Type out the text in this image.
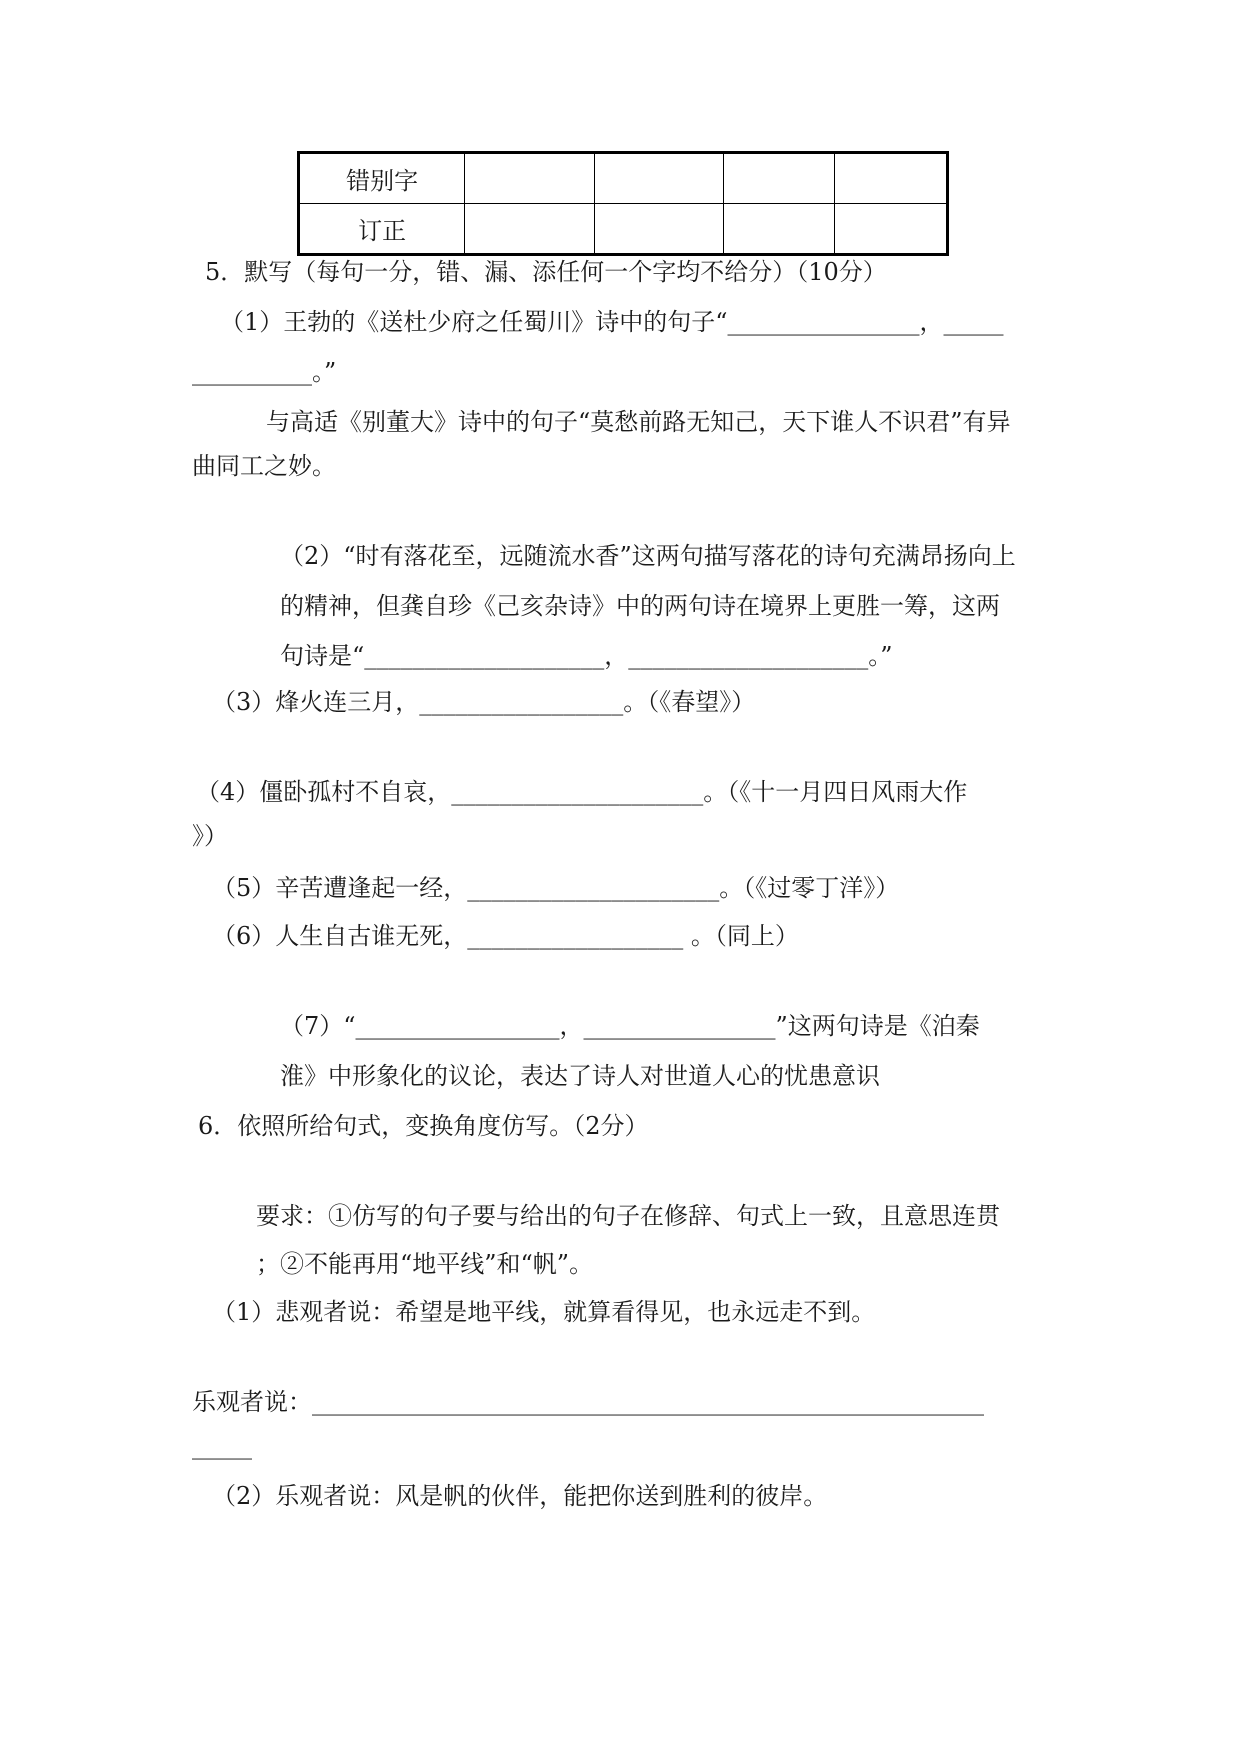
错别字				
订正				
5．默写（每句一分，错、漏、添任何一个字均不给分）（10分）
（1）王勃的《送杜少府之任蜀川》诗中的句子“________________，_____
__________。”
与高适《别董大》诗中的句子“莫愁前路无知己，天下谁人不识君”有异
曲同工之妙。
（2）“时有落花至，远随流水香”这两句描写落花的诗句充满昂扬向上
的精神，但龚自珍《己亥杂诗》中的两句诗在境界上更胜一筹，这两
句诗是“____________________，____________________。”
（3）烽火连三月，_________________。（《春望》）
（4）僵卧孤村不自哀，_____________________。（《十一月四日风雨大作
》）
（5）辛苦遭逢起一经，_____________________。（《过零丁洋》）
（6）人生自古谁无死，__________________ 。（同上）
（7）“_________________，________________”这两句诗是《泊秦
淮》中形象化的议论，表达了诗人对世道人心的忧患意识
6．依照所给句式，变换角度仿写。（2分）
要求：①仿写的句子要与给出的句子在修辞、句式上一致，且意思连贯
；②不能再用“地平线”和“帆”。
（1）悲观者说：希望是地平线，就算看得见，也永远走不到。
乐观者说：________________________________________________________
_____
（2）乐观者说：风是帆的伙伴，能把你送到胜利的彼岸。
